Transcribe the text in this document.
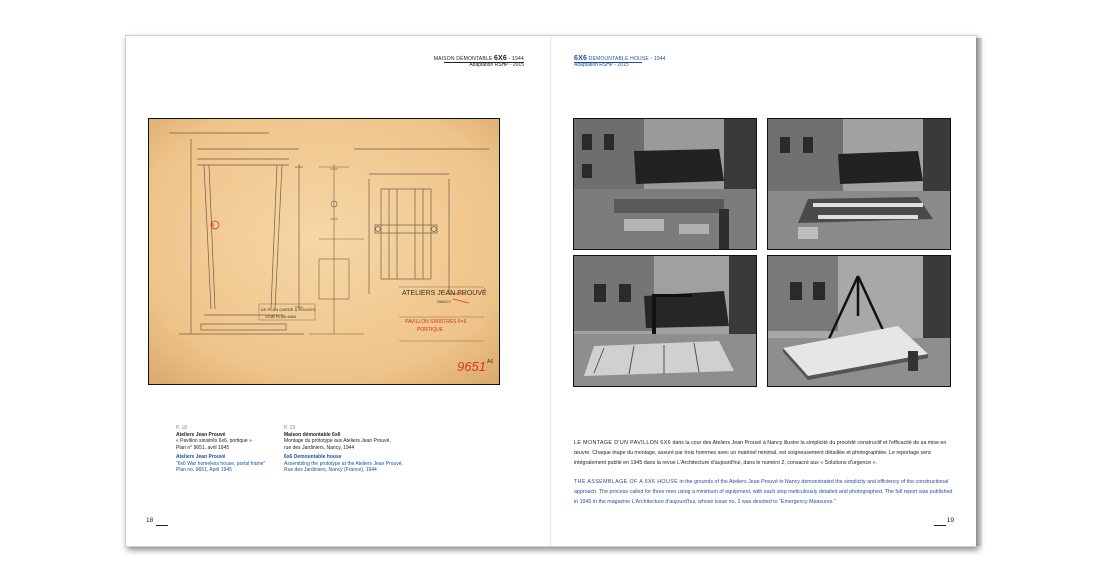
MAISON DÉMONTABLE 6X6 - 1944
Adaptation RSHP - 2015
6X6 DEMOUNTABLE HOUSE - 1944
Adaptation RSHP - 2015
A
ATELIERS JEAN PROUVÉ
NANCY
PAVILLON SINISTRÉS 6×6
PORTIQUE
DE PLAN GARDÉ & ROUGES
VOIR PLAN 6984
9651 A6
P. 18
Ateliers Jean Prouvé
« Pavillon sinistrés 6x6, portique »
Plan n° 9651, avril 1945
Ateliers Jean Prouvé
"6x6 War homeless house, portal frame"
Plan no. 9651, April 1945
P. 19
Maison démontable 6x6
Montage du prototype aux Ateliers Jean Prouvé,
rue des Jardiniers, Nancy, 1944
6x6 Demountable house
Assembling the prototype at the Ateliers Jean Prouvé,
Rue des Jardiniers, Nancy (France), 1944
LE MONTAGE D'UN PAVILLON 6X6 dans la cour des Ateliers Jean Prouvé à Nancy illustre la simplicité du procédé constructif et l'efficacité de sa mise en œuvre. Chaque étape du montage, assuré par trois hommes avec un matériel minimal, est soigneusement détaillée et photographiée. Le reportage sera intégralement publié en 1945 dans la revue L'Architecture d'aujourd'hui, dans le numéro 2, consacré aux « Solutions d'urgence ».
THE ASSEMBLAGE OF A 6X6 HOUSE in the grounds of the Ateliers Jean Prouvé in Nancy demonstrated the simplicity and efficiency of the constructional approach. The process called for three men using a minimum of equipment, with each step meticulously detailed and photographed. The full report was published in 1945 in the magazine L'Architecture d'aujourd'hui, whose issue no. 2 was devoted to "Emergency Measures."
18	19
